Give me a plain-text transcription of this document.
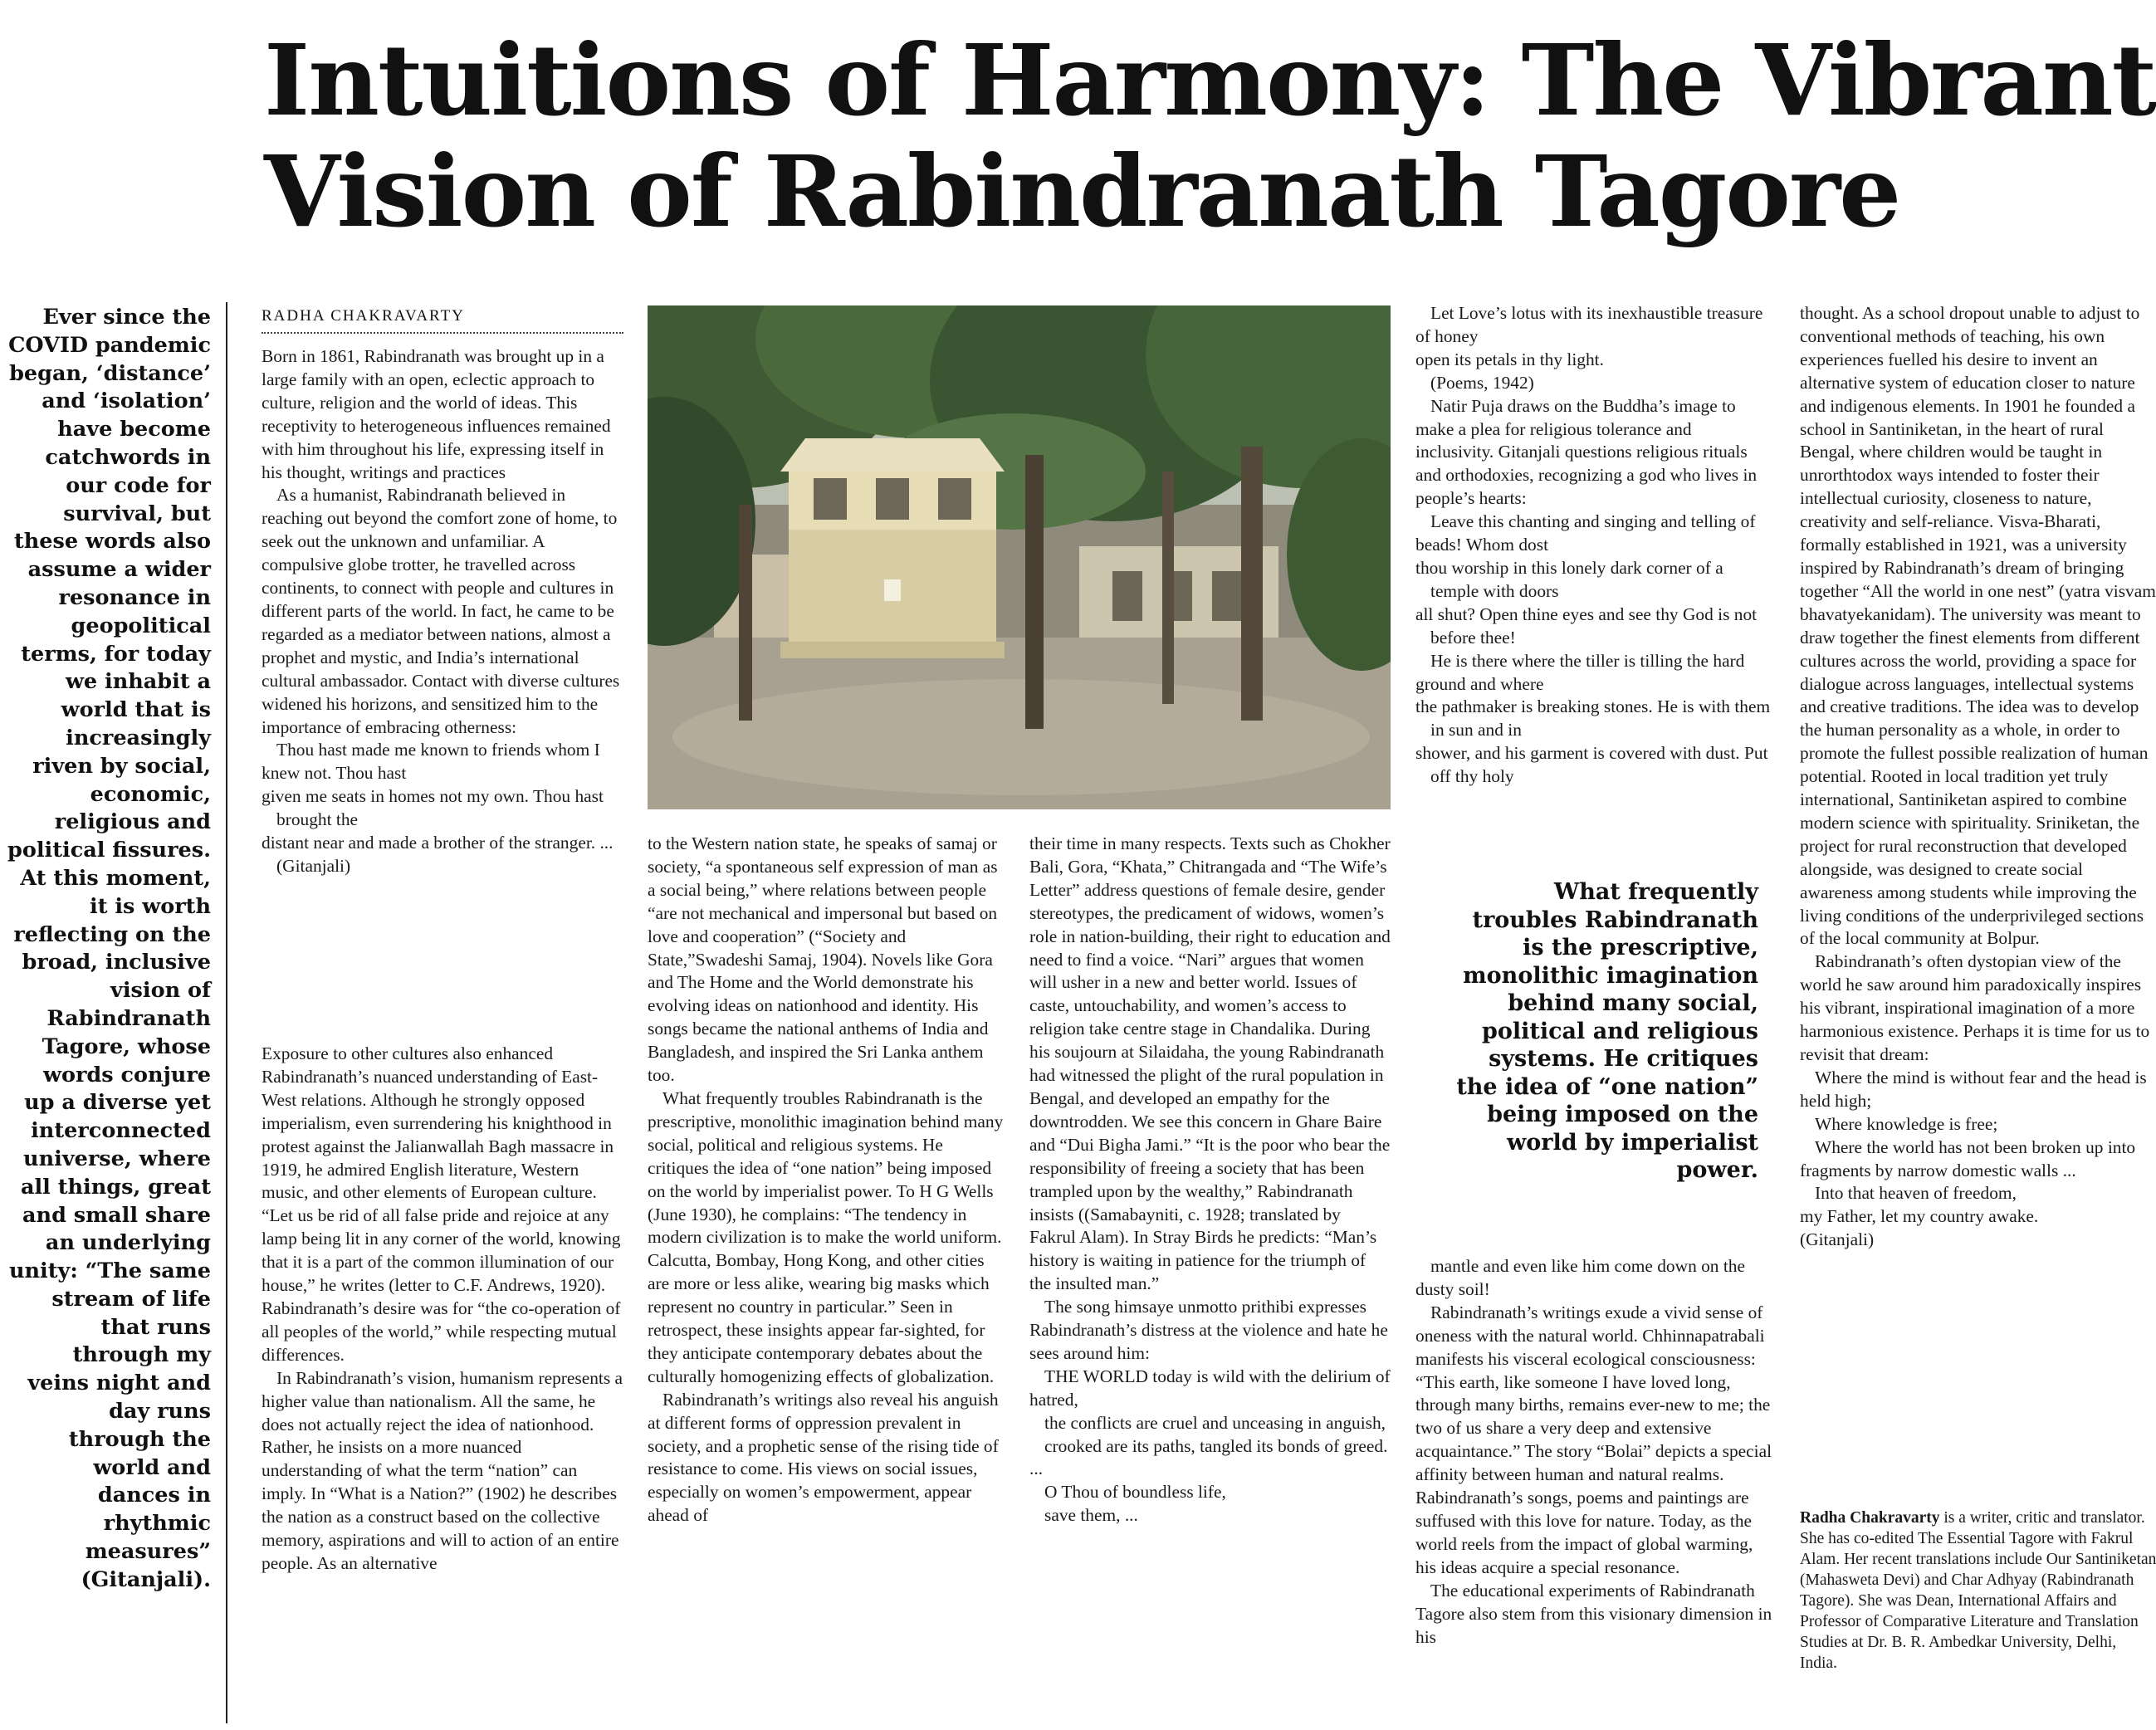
Intuitions of Harmony: The Vibrant
Vision of Rabindranath Tagore

Ever since the COVID pandemic began, ‘distance’ and ‘isolation’ have become catchwords in our code for survival, but these words also assume a wider resonance in geopolitical terms, for today we inhabit a world that is increasingly riven by social, economic, religious and political fissures. At this moment, it is worth reflecting on the broad, inclusive vision of Rabindranath Tagore, whose words conjure up a diverse yet interconnected universe, where all things, great and small share an underlying unity: “The same stream of life that runs through my veins night and day runs through the world and dances in rhythmic measures” (Gitanjali).

RADHA CHAKRAVARTY

Born in 1861, Rabindranath was brought up in a large family with an open, eclectic approach to culture, religion and the world of ideas. This receptivity to heterogeneous influences remained with him throughout his life, expressing itself in his thought, writings and practices

As a humanist, Rabindranath believed in reaching out beyond the comfort zone of home, to seek out the unknown and unfamiliar. A compulsive globe trotter, he travelled across continents, to connect with people and cultures in different parts of the world. In fact, he came to be regarded as a mediator between nations, almost a prophet and mystic, and India’s international cultural ambassador. Contact with diverse cultures widened his horizons, and sensitized him to the importance of embracing otherness:

Thou hast made me known to friends whom I knew not. Thou hast

given me seats in homes not my own. Thou hast brought the

distant near and made a brother of the stranger. ... (Gitanjali)

Exposure to other cultures also enhanced Rabindranath’s nuanced understanding of East-West relations. Although he strongly opposed imperialism, even surrendering his knighthood in protest against the Jalianwallah Bagh massacre in 1919, he admired English literature, Western music, and other elements of European culture. “Let us be rid of all false pride and rejoice at any lamp being lit in any corner of the world, knowing that it is a part of the common illumination of our house,” he writes (letter to C.F. Andrews, 1920). Rabindranath’s desire was for “the co-operation of all peoples of the world,” while respecting mutual differences.

In Rabindranath’s vision, humanism represents a higher value than nationalism. All the same, he does not actually reject the idea of nationhood. Rather, he insists on a more nuanced understanding of what the term “nation” can imply. In “What is a Nation?” (1902) he describes the nation as a construct based on the collective memory, aspirations and will to action of an entire people. As an alternative

to the Western nation state, he speaks of samaj or society, “a spontaneous self expression of man as a social being,” where relations between people “are not mechanical and impersonal but based on love and cooperation” (“Society and State,”Swadeshi Samaj, 1904). Novels like Gora and The Home and the World demonstrate his evolving ideas on nationhood and identity. His songs became the national anthems of India and Bangladesh, and inspired the Sri Lanka anthem too.

What frequently troubles Rabindranath is the prescriptive, monolithic imagination behind many social, political and religious systems. He critiques the idea of “one nation” being imposed on the world by imperialist power. To H G Wells (June 1930), he complains: “The tendency in modern civilization is to make the world uniform. Calcutta, Bombay, Hong Kong, and other cities are more or less alike, wearing big masks which represent no country in particular.” Seen in retrospect, these insights appear far-sighted, for they anticipate contemporary debates about the culturally homogenizing effects of globalization.

Rabindranath’s writings also reveal his anguish at different forms of oppression prevalent in society, and a prophetic sense of the rising tide of resistance to come. His views on social issues, especially on women’s empowerment, appear ahead of

their time in many respects. Texts such as Chokher Bali, Gora, “Khata,” Chitrangada and “The Wife’s Letter” address questions of female desire, gender stereotypes, the predicament of widows, women’s role in nation-building, their right to education and need to find a voice. “Nari” argues that women will usher in a new and better world. Issues of caste, untouchability, and women’s access to religion take centre stage in Chandalika. During his soujourn at Silaidaha, the young Rabindranath had witnessed the plight of the rural population in Bengal, and developed an empathy for the downtrodden. We see this concern in Ghare Baire and “Dui Bigha Jami.” “It is the poor who bear the responsibility of freeing a society that has been trampled upon by the wealthy,” Rabindranath insists ((Samabayniti, c. 1928; translated by Fakrul Alam). In Stray Birds he predicts: “Man’s history is waiting in patience for the triumph of the insulted man.”

The song himsaye unmotto prithibi expresses Rabindranath’s distress at the violence and hate he sees around him:

THE WORLD today is wild with the delirium of hatred,

the conflicts are cruel and unceasing in anguish,

crooked are its paths, tangled its bonds of greed. ...

O Thou of boundless life,

save them, ...

Let Love’s lotus with its inexhaustible treasure of honey

open its petals in thy light.

(Poems, 1942)

Natir Puja draws on the Buddha’s image to make a plea for religious tolerance and inclusivity. Gitanjali questions religious rituals and orthodoxies, recognizing a god who lives in people’s hearts:

Leave this chanting and singing and telling of beads! Whom dost

thou worship in this lonely dark corner of a temple with doors

all shut? Open thine eyes and see thy God is not before thee!

He is there where the tiller is tilling the hard ground and where

the pathmaker is breaking stones. He is with them in sun and in

shower, and his garment is covered with dust. Put off thy holy

What frequently troubles Rabindranath is the prescriptive, monolithic imagination behind many social, political and religious systems. He critiques the idea of “one nation” being imposed on the world by imperialist power.

mantle and even like him come down on the dusty soil!

Rabindranath’s writings exude a vivid sense of oneness with the natural world. Chhinnapatrabali manifests his visceral ecological consciousness: “This earth, like someone I have loved long, through many births, remains ever-new to me; the two of us share a very deep and extensive acquaintance.” The story “Bolai” depicts a special affinity between human and natural realms. Rabindranath’s songs, poems and paintings are suffused with this love for nature. Today, as the world reels from the impact of global warming, his ideas acquire a special resonance.

The educational experiments of Rabindranath Tagore also stem from this visionary dimension in his

thought. As a school dropout unable to adjust to conventional methods of teaching, his own experiences fuelled his desire to invent an alternative system of education closer to nature and indigenous elements. In 1901 he founded a school in Santiniketan, in the heart of rural Bengal, where children would be taught in unrorthtodox ways intended to foster their intellectual curiosity, closeness to nature, creativity and self-reliance. Visva-Bharati, formally established in 1921, was a university inspired by Rabindranath’s dream of bringing together “All the world in one nest” (yatra visvam bhavatyekanidam). The university was meant to draw together the finest elements from different cultures across the world, providing a space for dialogue across languages, intellectual systems and creative traditions. The idea was to develop the human personality as a whole, in order to promote the fullest possible realization of human potential. Rooted in local tradition yet truly international, Santiniketan aspired to combine modern science with spirituality. Sriniketan, the project for rural reconstruction that developed alongside, was designed to create social awareness among students while improving the living conditions of the underprivileged sections of the local community at Bolpur.

Rabindranath’s often dystopian view of the world he saw around him paradoxically inspires his vibrant, inspirational imagination of a more harmonious existence. Perhaps it is time for us to revisit that dream:

Where the mind is without fear and the head is held high;

Where knowledge is free;

Where the world has not been broken up into fragments by narrow domestic walls ...

Into that heaven of freedom,

my Father, let my country awake.

(Gitanjali)

Radha Chakravarty is a writer, critic and translator. She has co-edited The Essential Tagore with Fakrul Alam. Her recent translations include Our Santiniketan (Mahasweta Devi) and Char Adhyay (Rabindranath Tagore). She was Dean, International Affairs and Professor of Comparative Literature and Translation Studies at Dr. B. R. Ambedkar University, Delhi, India.
